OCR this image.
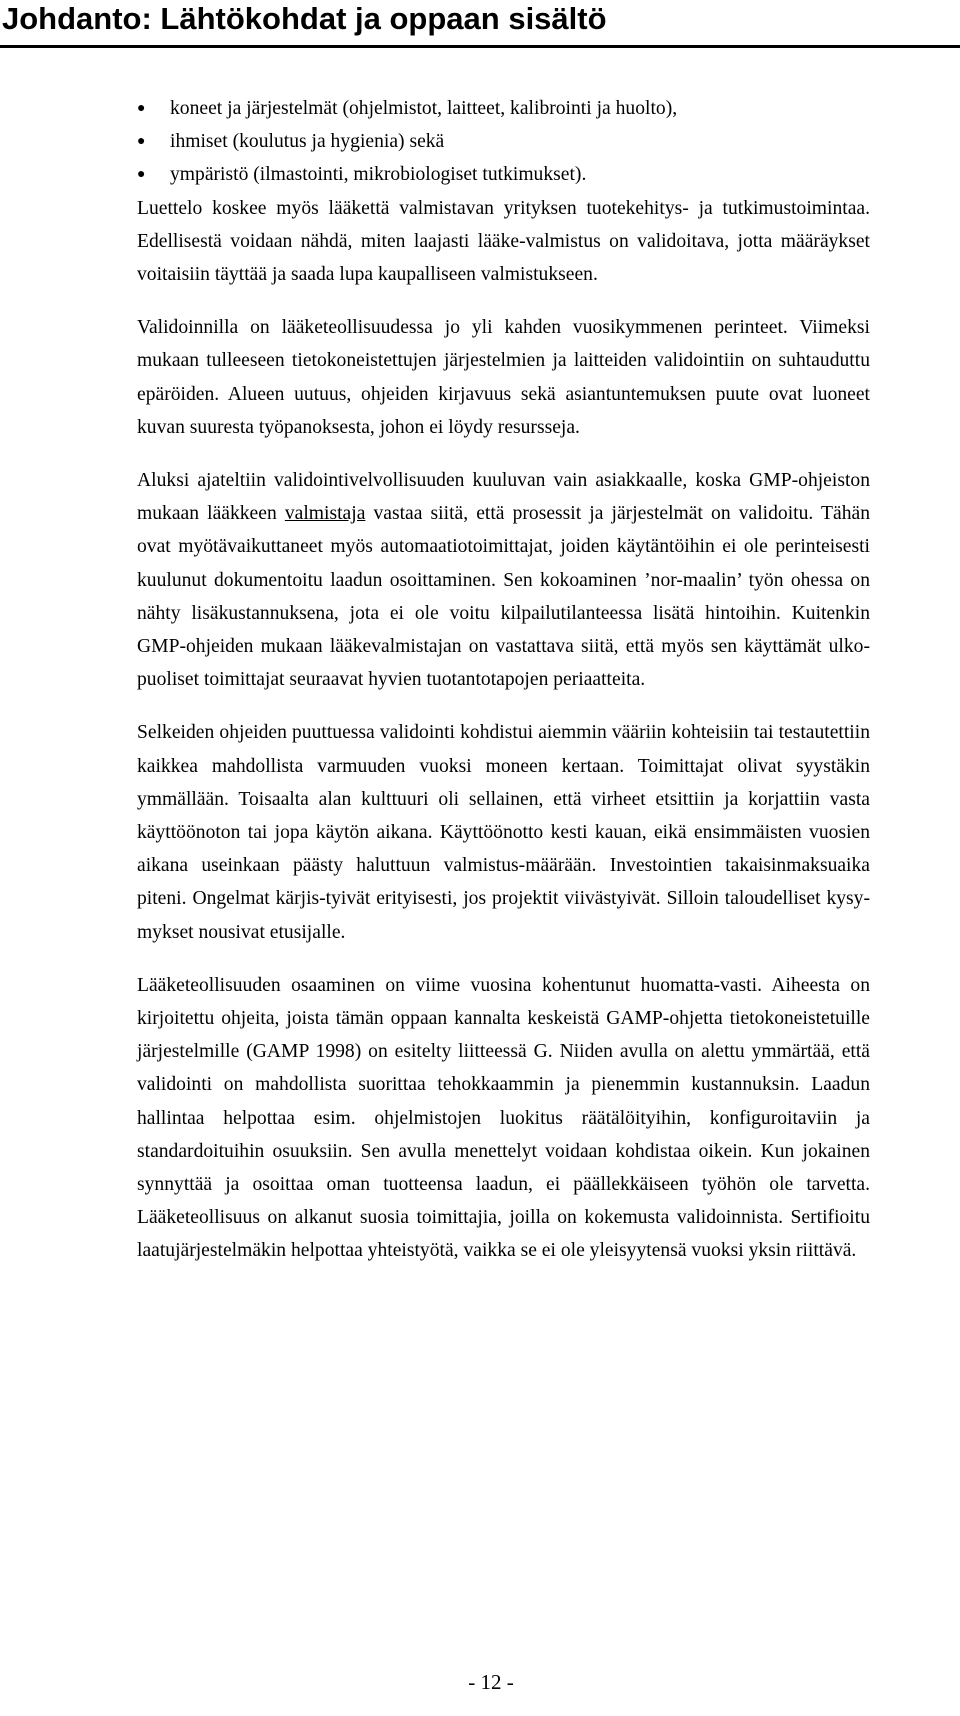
Johdanto: Lähtökohdat ja oppaan sisältö
● koneet ja järjestelmät (ohjelmistot, laitteet, kalibrointi ja huolto),
● ihmiset (koulutus ja hygienia) sekä
● ympäristö (ilmastointi, mikrobiologiset tutkimukset).

Luettelo koskee myös lääkettä valmistavan yrityksen tuotekehitys- ja tutkimustoimintaa. Edellisestä voidaan nähdä, miten laajasti lääke-valmistus on validoitava, jotta määräykset voitaisiin täyttää ja saada lupa kaupalliseen valmistukseen.

Validoinnilla on lääketeollisuudessa jo yli kahden vuosikymmenen perinteet. Viimeksi mukaan tulleeseen tietokoneistettujen järjestelmien ja laitteiden validointiin on suhtauduttu epäröiden. Alueen uutuus, ohjeiden kirjavuus sekä asiantuntemuksen puute ovat luoneet kuvan suuresta työpanoksesta, johon ei löydy resursseja.

Aluksi ajateltiin validointivelvollisuuden kuuluvan vain asiakkaalle, koska GMP-ohjeiston mukaan lääkkeen valmistaja vastaa siitä, että prosessit ja järjestelmät on validoitu. Tähän ovat myötävaikuttaneet myös automaatiotoimittajat, joiden käytäntöihin ei ole perinteisesti kuulunut dokumentoitu laadun osoittaminen. Sen kokoaminen ’nor-maalin’ työn ohessa on nähty lisäkustannuksena, jota ei ole voitu kilpailutilanteessa lisätä hintoihin. Kuitenkin GMP-ohjeiden mukaan lääkevalmistajan on vastattava siitä, että myös sen käyttämät ulko-puoliset toimittajat seuraavat hyvien tuotantotapojen periaatteita.

Selkeiden ohjeiden puuttuessa validointi kohdistui aiemmin vääriin kohteisiin tai testautettiin kaikkea mahdollista varmuuden vuoksi moneen kertaan. Toimittajat olivat syystäkin ymmällään. Toisaalta alan kulttuuri oli sellainen, että virheet etsittiin ja korjattiin vasta käyttöönoton tai jopa käytön aikana. Käyttöönotto kesti kauan, eikä ensimmäisten vuosien aikana useinkaan päästy haluttuun valmistus-määrään. Investointien takaisinmaksuaika piteni. Ongelmat kärjis-tyivät erityisesti, jos projektit viivästyivät. Silloin taloudelliset kysy-mykset nousivat etusijalle.

Lääketeollisuuden osaaminen on viime vuosina kohentunut huomatta-vasti. Aiheesta on kirjoitettu ohjeita, joista tämän oppaan kannalta keskeistä GAMP-ohjetta tietokoneistetuille järjestelmille (GAMP 1998) on esitelty liitteessä G. Niiden avulla on alettu ymmärtää, että validointi on mahdollista suorittaa tehokkaammin ja pienemmin kustannuksin. Laadun hallintaa helpottaa esim. ohjelmistojen luokitus räätälöityihin, konfiguroitaviin ja standardoituihin osuuksiin. Sen avulla menettelyt voidaan kohdistaa oikein. Kun jokainen synnyttää ja osoittaa oman tuotteensa laadun, ei päällekkäiseen työhön ole tarvetta. Lääketeollisuus on alkanut suosia toimittajia, joilla on kokemusta validoinnista. Sertifioitu laatujärjestelmäkin helpottaa yhteistyötä, vaikka se ei ole yleisyytensä vuoksi yksin riittävä.

- 12 -
